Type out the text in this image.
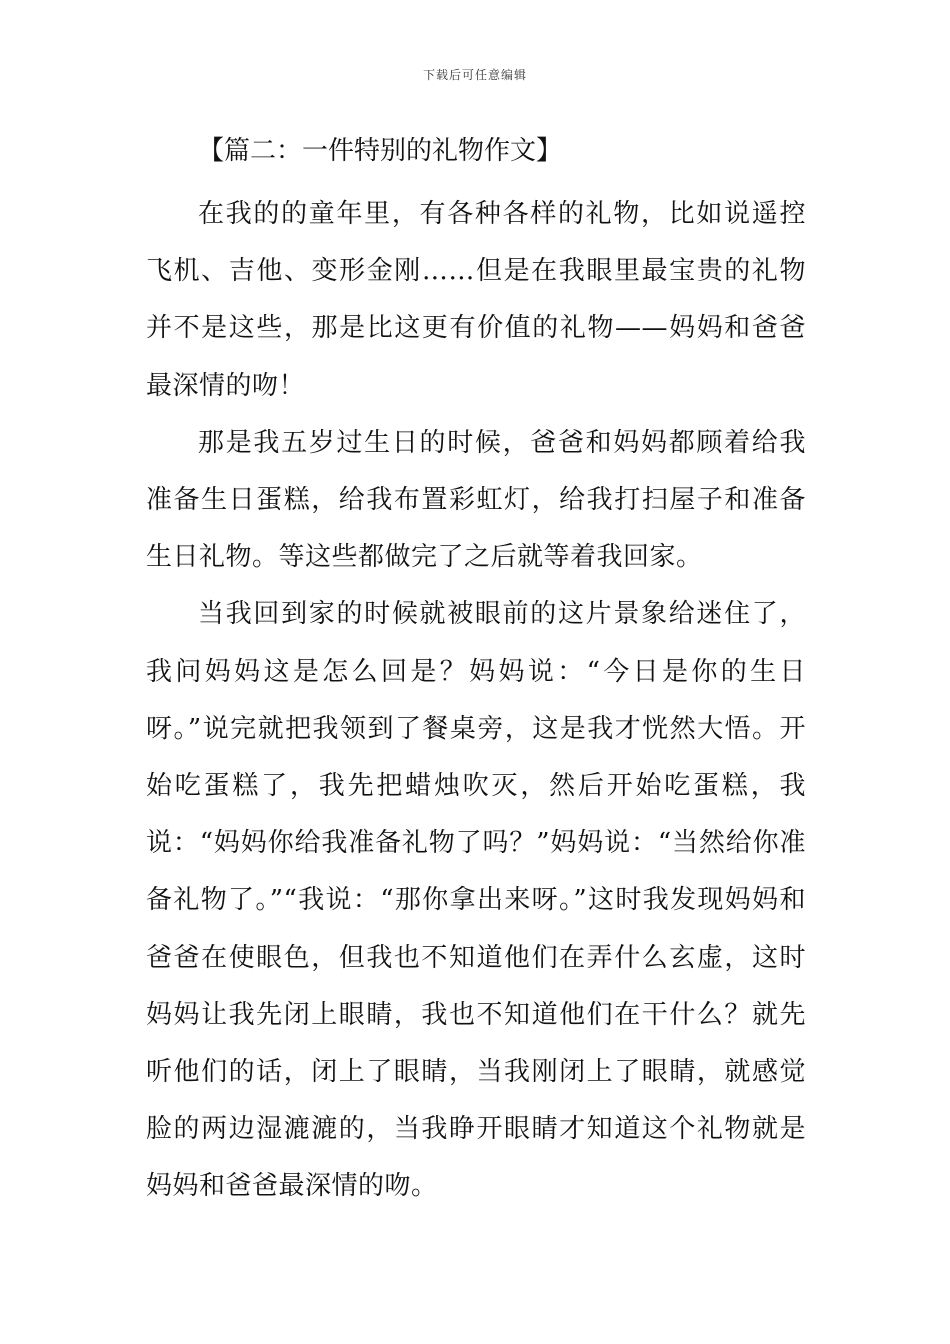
下载后可任意编辑
【篇二：一件特别的礼物作文】

在我的的童年里，有各种各样的礼物，比如说遥控飞机、吉他、变形金刚……但是在我眼里最宝贵的礼物并不是这些，那是比这更有价值的礼物——妈妈和爸爸最深情的吻！

那是我五岁过生日的时候，爸爸和妈妈都顾着给我准备生日蛋糕，给我布置彩虹灯，给我打扫屋子和准备生日礼物。等这些都做完了之后就等着我回家。

当我回到家的时候就被眼前的这片景象给迷住了，我问妈妈这是怎么回是？妈妈说：“今日是你的生日呀。”说完就把我领到了餐桌旁，这是我才恍然大悟。开始吃蛋糕了，我先把蜡烛吹灭，然后开始吃蛋糕，我说：“妈妈你给我准备礼物了吗？”妈妈说：“当然给你准备礼物了。”“我说：“那你拿出来呀。”这时我发现妈妈和爸爸在使眼色，但我也不知道他们在弄什么玄虚，这时妈妈让我先闭上眼睛，我也不知道他们在干什么？就先听他们的话，闭上了眼睛，当我刚闭上了眼睛，就感觉脸的两边湿漉漉的，当我睁开眼睛才知道这个礼物就是妈妈和爸爸最深情的吻。
